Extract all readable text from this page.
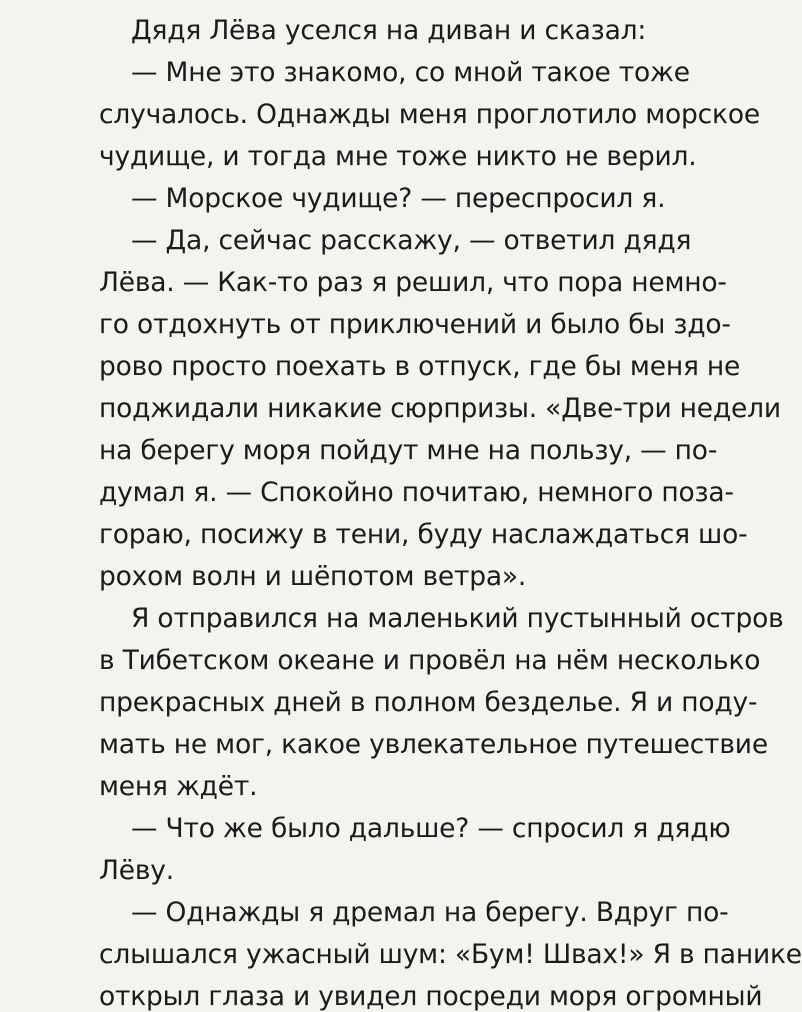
Дядя Лёва уселся на диван и сказал:
— Мне это знакомо, со мной такое тоже
случалось. Однажды меня проглотило морское
чудище, и тогда мне тоже никто не верил.
— Морское чудище? — переспросил я.
— Да, сейчас расскажу, — ответил дядя
Лёва. — Как-то раз я решил, что пора немно-
го отдохнуть от приключений и было бы здо-
рово просто поехать в отпуск, где бы меня не
поджидали никакие сюрпризы. «Две-три недели
на берегу моря пойдут мне на пользу, — по-
думал я. — Спокойно почитаю, немного поза-
гораю, посижу в тени, буду наслаждаться шо-
рохом волн и шёпотом ветра».
Я отправился на маленький пустынный остров
в Тибетском океане и провёл на нём несколько
прекрасных дней в полном безделье. Я и поду-
мать не мог, какое увлекательное путешествие
меня ждёт.
— Что же было дальше? — спросил я дядю
Лёву.
— Однажды я дремал на берегу. Вдруг по-
слышался ужасный шум: «Бум! Швах!» Я в панике
открыл глаза и увидел посреди моря огромный
